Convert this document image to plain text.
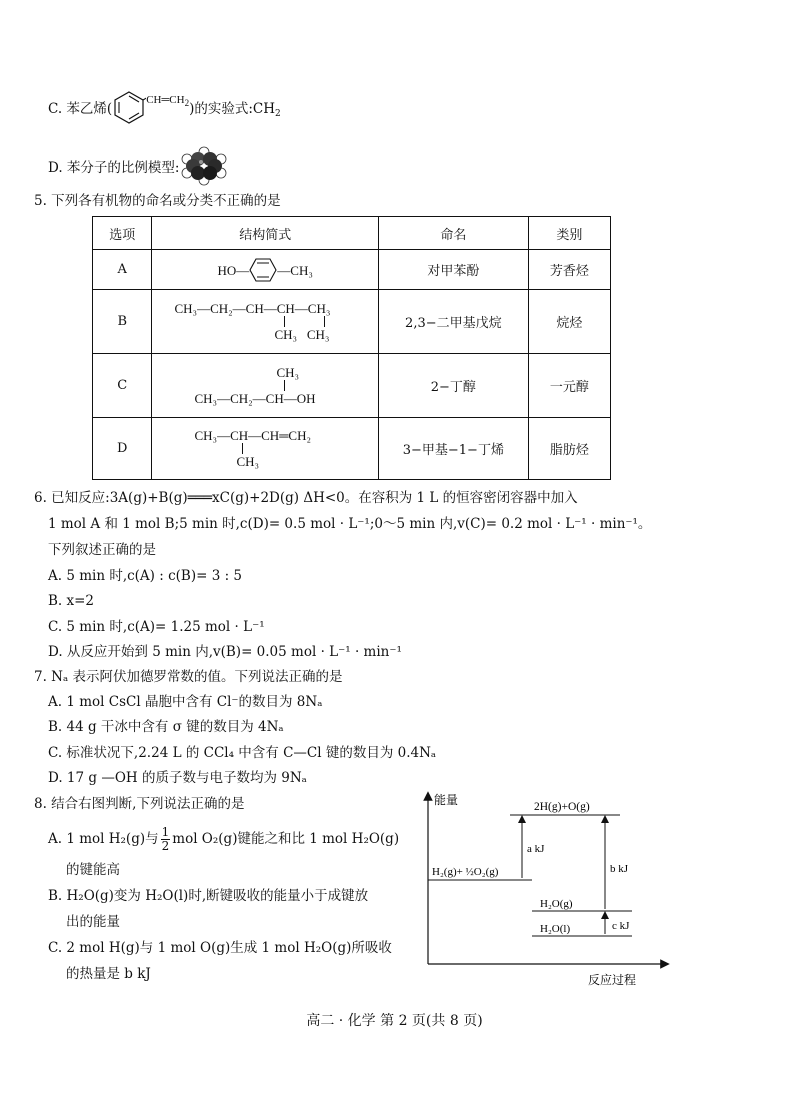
C. 苯乙烯($^{CH═CH_2}$)的实验式$:CH_2$
D. 苯分子的比例模型:
5. 下列各有机物的命名或分类不正确的是
选项	结构简式	命名	类别
A	HO— —CH₃	对甲苯酚	芳香烃
B	CH₃—CH₂—CH—CH—CH₃
CH₃   CH₃	2,3−二甲基戊烷	烷烃
C	CH₃
CH₃—CH₂—CH—OH	2−丁醇	一元醇
D	CH₃—CH—CH═CH₂
CH₃	3−甲基−1−丁烯	脂肪烃
6. 已知反应:3A(g)+B(g)═══xC(g)+2D(g) ΔH<0。在容积为 1 L 的恒容密闭容器中加入
1 mol A 和 1 mol B;5 min 时,c(D)= 0.5 mol · L⁻¹;0～5 min 内,v(C)= 0.2 mol · L⁻¹ · min⁻¹。
下列叙述正确的是
A. 5 min 时,c(A) : c(B)= 3 : 5
B. x=2
C. 5 min 时,c(A)= 1.25 mol · L⁻¹
D. 从反应开始到 5 min 内,v(B)= 0.05 mol · L⁻¹ · min⁻¹
7. Nₐ 表示阿伏加德罗常数的值。下列说法正确的是
A. 1 mol CsCl 晶胞中含有 Cl⁻的数目为 8Nₐ
B. 44 g 干冰中含有 σ 键的数目为 4Nₐ
C. 标准状况下,2.24 L 的 CCl₄ 中含有 C—Cl 键的数目为 0.4Nₐ
D. 17 g —OH 的质子数与电子数均为 9Nₐ
8. 结合右图判断,下列说法正确的是
A. 1 mol H₂(g)与 $\frac{1}{2}$ mol O₂(g)键能之和比 1 mol H₂O(g)
的键能高
B. H₂O(g)变为 H₂O(l)时,断键吸收的能量小于成键放
出的能量
C. 2 mol H(g)与 1 mol O(g)生成 1 mol H₂O(g)所吸收
的热量是 b kJ
能量
反应过程
2H(g)+O(g)
H₂(g)+ ½O₂(g)
H₂O(g)
H₂O(l)
a kJ
b kJ
c kJ
高二 · 化学 第 2 页(共 8 页)
